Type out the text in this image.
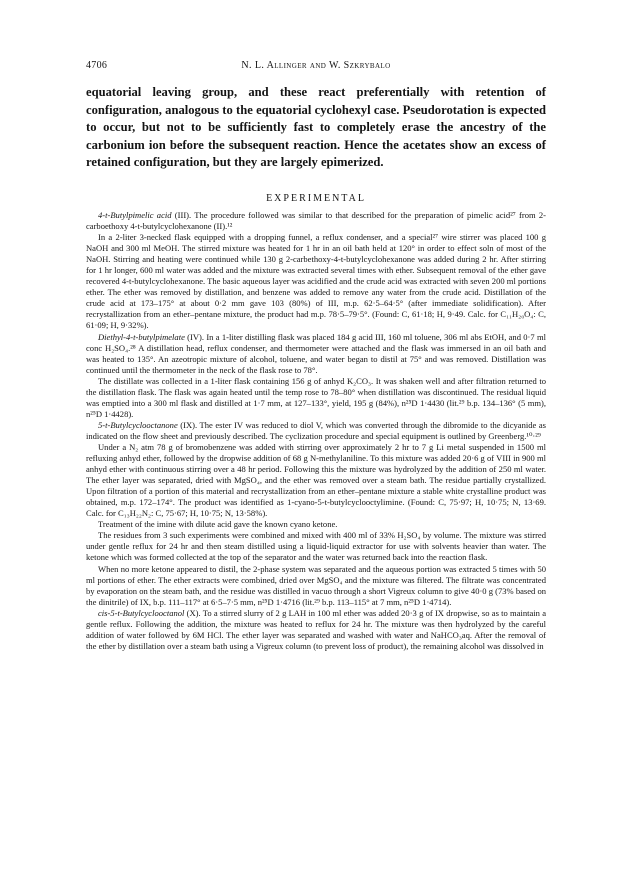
4706	N. L. Allinger and W. Szkrybalo

equatorial leaving group, and these react preferentially with retention of configuration, analogous to the equatorial cyclohexyl case. Pseudorotation is expected to occur, but not to be sufficiently fast to completely erase the ancestry of the carbonium ion before the subsequent reaction. Hence the acetates show an excess of retained configuration, but they are largely epimerized.

EXPERIMENTAL

4-t-Butylpimelic acid (III). The procedure followed was similar to that described for the preparation of pimelic acid²⁷ from 2-carboethoxy 4-t-butylcyclohexanone (II).¹²

In a 2-liter 3-necked flask equipped with a dropping funnel, a reflux condenser, and a special²⁷ wire stirrer was placed 100 g NaOH and 300 ml MeOH. The stirred mixture was heated for 1 hr in an oil bath held at 120° in order to effect soln of most of the NaOH. Stirring and heating were continued while 130 g 2-carbethoxy-4-t-butylcyclohexanone was added during 2 hr. After stirring for 1 hr longer, 600 ml water was added and the mixture was extracted several times with ether. Subsequent removal of the ether gave recovered 4-t-butylcyclohexanone. The basic aqueous layer was acidified and the crude acid was extracted with seven 200 ml portions ether. The ether was removed by distillation, and benzene was added to remove any water from the crude acid. Distillation of the crude acid at 173–175° at about 0·2 mm gave 103 (80%) of III, m.p. 62·5–64·5° (after immediate solidification). After recrystallization from an ether–pentane mixture, the product had m.p. 78·5–79·5°. (Found: C, 61·18; H, 9·49. Calc. for C₁₁H₂₀O₄: C, 61·09; H, 9·32%).

Diethyl-4-t-butylpimelate (IV). In a 1-liter distilling flask was placed 184 g acid III, 160 ml toluene, 306 ml abs EtOH, and 0·7 ml conc H₂SO₄.²⁸ A distillation head, reflux condenser, and thermometer were attached and the flask was immersed in an oil bath and was heated to 135°. An azeotropic mixture of alcohol, toluene, and water began to distil at 75° and was removed. Distillation was continued until the thermometer in the neck of the flask rose to 78°.

The distillate was collected in a 1-liter flask containing 156 g of anhyd K₂CO₃. It was shaken well and after filtration returned to the distillation flask. The flask was again heated until the temp rose to 78–80° when distillation was discontinued. The residual liquid was emptied into a 300 ml flask and distilled at 1·7 mm, at 127–133°, yield, 195 g (84%), n²⁵D 1·4430 (lit.²⁹ b.p. 134–136° (5 mm), n²⁵D 1·4428).

5-t-Butylcyclooctanone (IX). The ester IV was reduced to diol V, which was converted through the dibromide to the dicyanide as indicated on the flow sheet and previously described. The cyclization procedure and special equipment is outlined by Greenberg.¹⁰·²⁹

Under a N₂ atm 78 g of bromobenzene was added with stirring over approximately 2 hr to 7 g Li metal suspended in 1500 ml refluxing anhyd ether, followed by the dropwise addition of 68 g N-methylaniline. To this mixture was added 20·6 g of VIII in 900 ml anhyd ether with continuous stirring over a 48 hr period. Following this the mixture was hydrolyzed by the addition of 250 ml water. The ether layer was separated, dried with MgSO₄, and the ether was removed over a steam bath. The residue partially crystallized. Upon filtration of a portion of this material and recrystallization from an ether–pentane mixture a stable white crystalline product was obtained, m.p. 172–174°. The product was identified as 1-cyano-5-t-butylcyclooctylimine. (Found: C, 75·97; H, 10·75; N, 13·69. Calc. for C₁₃H₂₂N₂: C, 75·67; H, 10·75; N, 13·58%).

Treatment of the imine with dilute acid gave the known cyano ketone.

The residues from 3 such experiments were combined and mixed with 400 ml of 33% H₂SO₄ by volume. The mixture was stirred under gentle reflux for 24 hr and then steam distilled using a liquid-liquid extractor for use with solvents heavier than water. The ketone which was formed collected at the top of the separator and the water was returned back into the reaction flask.

When no more ketone appeared to distil, the 2-phase system was separated and the aqueous portion was extracted 5 times with 50 ml portions of ether. The ether extracts were combined, dried over MgSO₄ and the mixture was filtered. The filtrate was concentrated by evaporation on the steam bath, and the residue was distilled in vacuo through a short Vigreux column to give 40·0 g (73% based on the dinitrile) of IX, b.p. 111–117° at 6·5–7·5 mm, n²⁵D 1·4716 (lit.²⁹ b.p. 113–115° at 7 mm, n²⁵D 1·4714).

cis-5-t-Butylcyclooctanol (X). To a stirred slurry of 2 g LAH in 100 ml ether was added 20·3 g of IX dropwise, so as to maintain a gentle reflux. Following the addition, the mixture was heated to reflux for 24 hr. The mixture was then hydrolyzed by the careful addition of water followed by 6M HCl. The ether layer was separated and washed with water and NaHCO₃aq. After the removal of the ether by distillation over a steam bath using a Vigreux column (to prevent loss of product), the remaining alcohol was dissolved in
